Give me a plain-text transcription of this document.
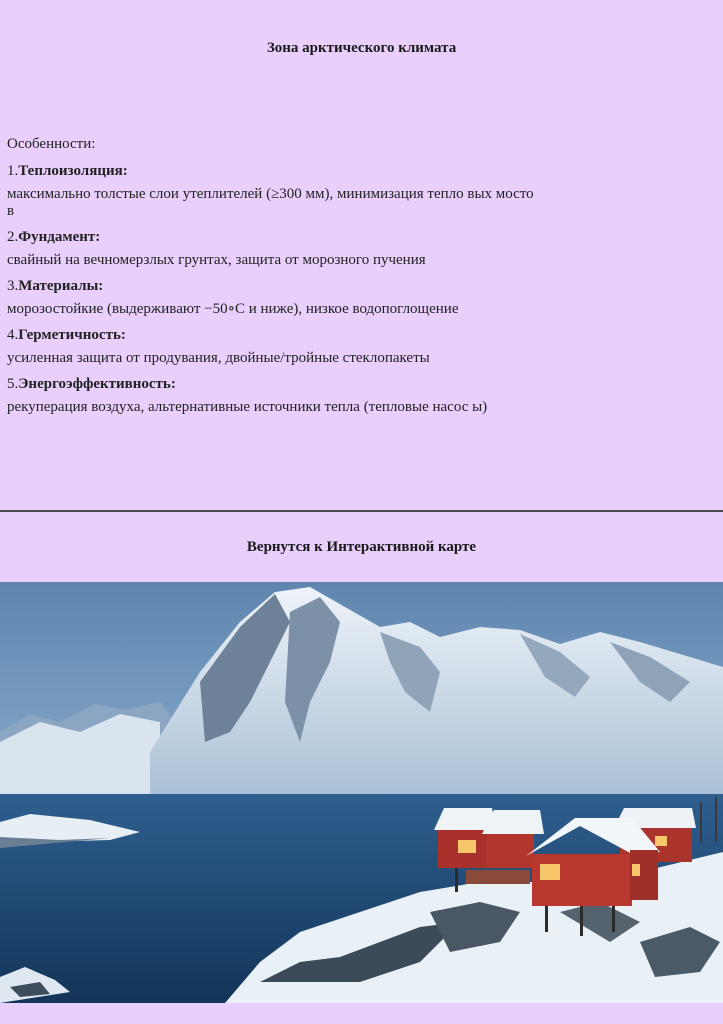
Зона арктического климата

Особенности:

1.Теплоизоляция:

максимально толстые слои утеплителей (≥300 мм), минимизация тепло вых мостов

2.Фундамент:

свайный на вечномерзлых грунтах, защита от морозного пучения

3.Материалы:

морозостойкие (выдерживают −50∘C и ниже), низкое водопоглощение

4.Герметичность:

усиленная защита от продувания, двойные/тройные стеклопакеты

5.Энергоэффективность:

рекуперация воздуха, альтернативные источники тепла (тепловые насос ы)

Вернутся к Интерактивной карте
